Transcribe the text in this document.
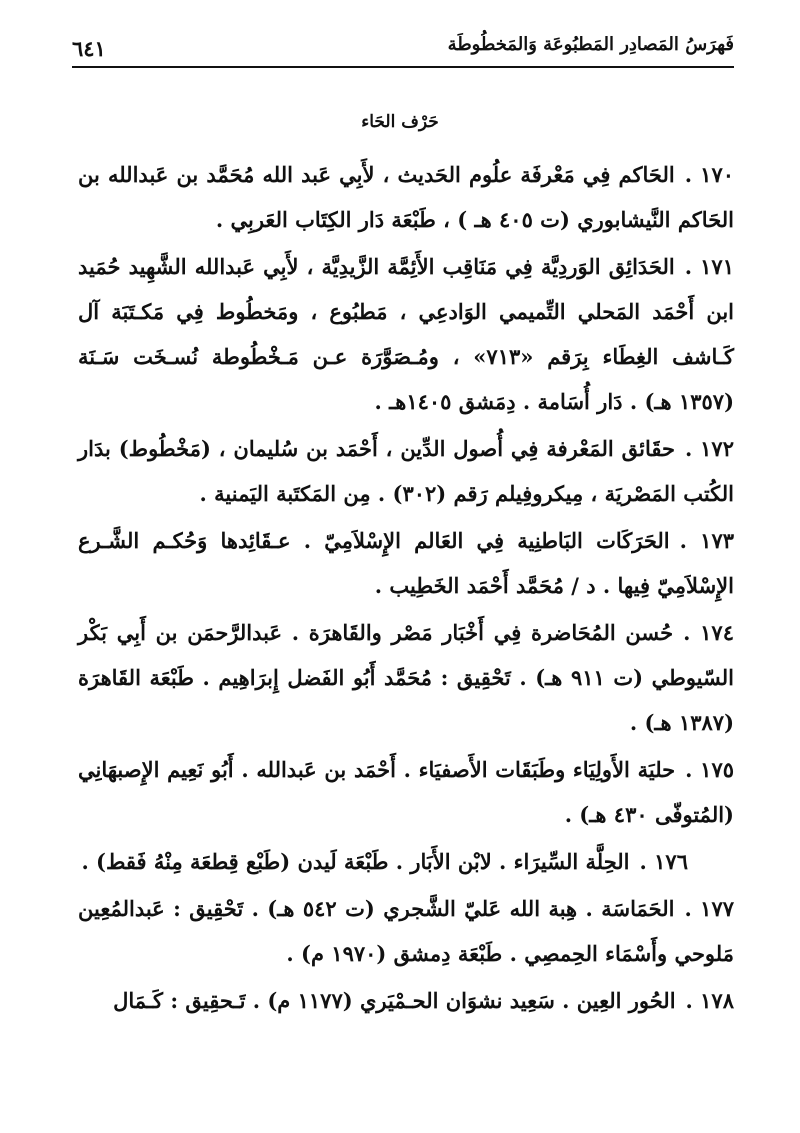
٦٤١	فَهرَسُ المَصادِر المَطبُوعَة وَالمَخطُوطَة
حَرْف الحَاء

١٧٠ .الحَاكم فِي مَعْرفَة علُوم الحَديث ، لأَبِي عَبد الله مُحَمَّد بن عَبدالله بن الحَاكم النَّيشابوري (ت ٤٠٥ هـ ) ، طَبْعَة دَار الكِتَاب العَربِي .

١٧١ .الحَدَائِق الوَردِيَّة فِي مَنَاقِب الأَئِمَّة الزَّيدِيَّة ، لأَبِي عَبدالله الشَّهِيد حُمَيد ابن أَحْمَد المَحلي التِّميمي الوَادعِي ، مَطبُوع ، ومَخطُوط فِي مَكـتَبَة آل كَـاشف الغِطَاء بِرَقم «٧١٣» ، ومُـصَوَّرَة عـن مَـخْطُوطة نُسـخَت سَـنَة (١٣٥٧ هـ) . دَار أُسَامة . دِمَشق ١٤٠٥هـ .

١٧٢ .حقَائق المَعْرفة فِي أُصول الدِّين ، أَحْمَد بن سُليمان ، (مَخْطُوط) بدَار الكُتب المَصْريَة ، مِيكروفِيلم رَقم (٣٠٢) . مِن المَكتَبة اليَمنية .

١٧٣ .الحَرَكَات البَاطنِية فِي العَالم الإِسْلاَمِيّ . عـقَائِدها وَحُكـم الشَّـرع الإِسْلاَمِيّ فِيها . د / مُحَمَّد أَحْمَد الخَطِيب .

١٧٤ .حُسن المُحَاضرة فِي أَخْبَار مَصْر والقَاهرَة . عَبدالرَّحمَن بن أَبِي بَكْر السّيوطي (ت ٩١١ هـ) . تَحْقِيق : مُحَمَّد أَبُو الفَضل إِبرَاهِيم . طَبْعَة القَاهرَة (١٣٨٧ هـ) .

١٧٥ .حليَة الأَولِيَاء وطَبَقَات الأَصفيَاء . أَحْمَد بن عَبدالله . أَبُو نَعِيم الإِصبهَانِي (المُتوفّى ٤٣٠ هـ) .

١٧٦ .الحِلَّة السِّيرَاء . لابْن الأَبَار . طَبْعَة لَيدن (طَبْع قِطعَة مِنْهُ فَقط) .

١٧٧ .الحَمَاسَة . هِبة الله عَليّ الشَّجري (ت ٥٤٢ هـ) . تَحْقِيق : عَبدالمُعِين مَلوحي وأَسْمَاء الحِمصِي . طَبْعَة دِمشق (١٩٧٠ م) .

١٧٨ .الحُور العِين . سَعِيد نشوَان الحـمْيَري (١١٧٧ م) . تَـحقِيق : كَـمَال
